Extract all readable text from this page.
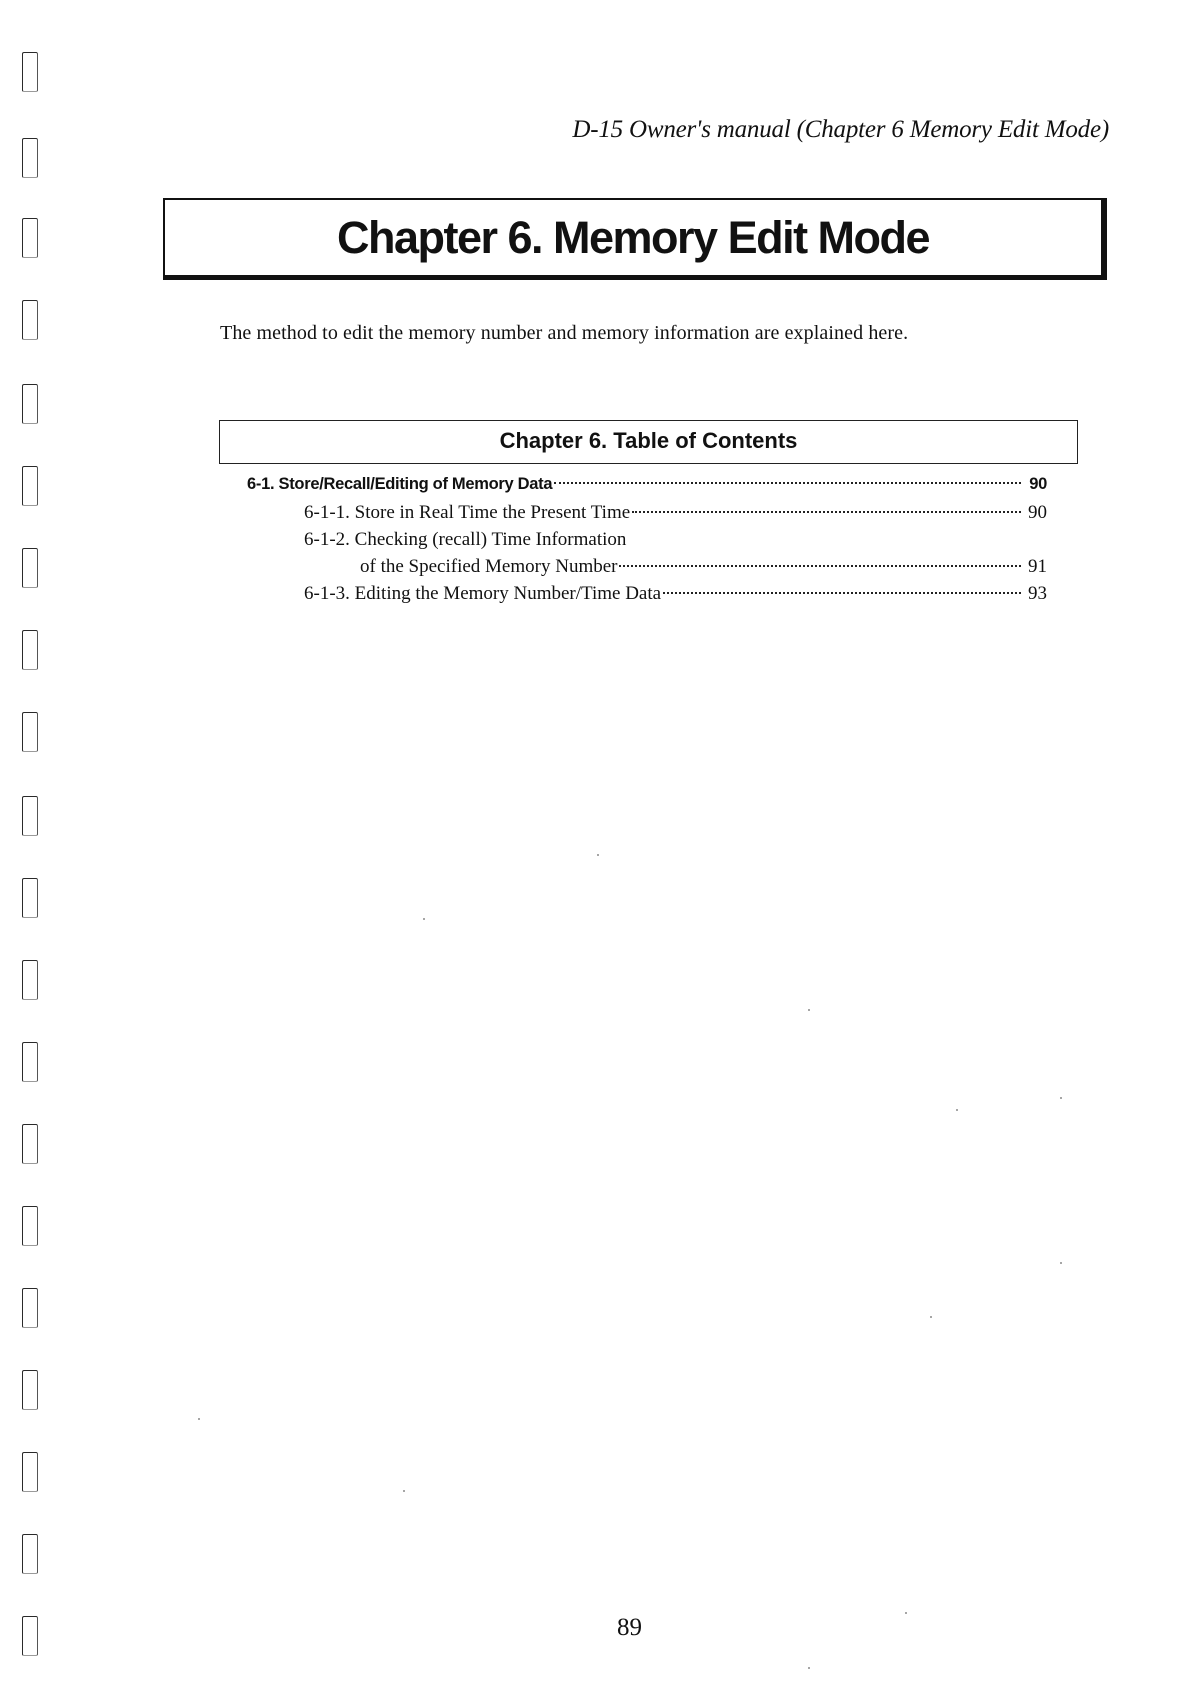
D-15 Owner's manual (Chapter 6 Memory Edit Mode)
Chapter 6. Memory Edit Mode

The method to edit the memory number and memory information are explained here.

Chapter 6. Table of Contents
6-1. Store/Recall/Editing of Memory Data	90
6-1-1. Store in Real Time the Present Time	90
6-1-2. Checking (recall) Time Information
of the Specified Memory Number	91
6-1-3. Editing the Memory Number/Time Data	93
89
